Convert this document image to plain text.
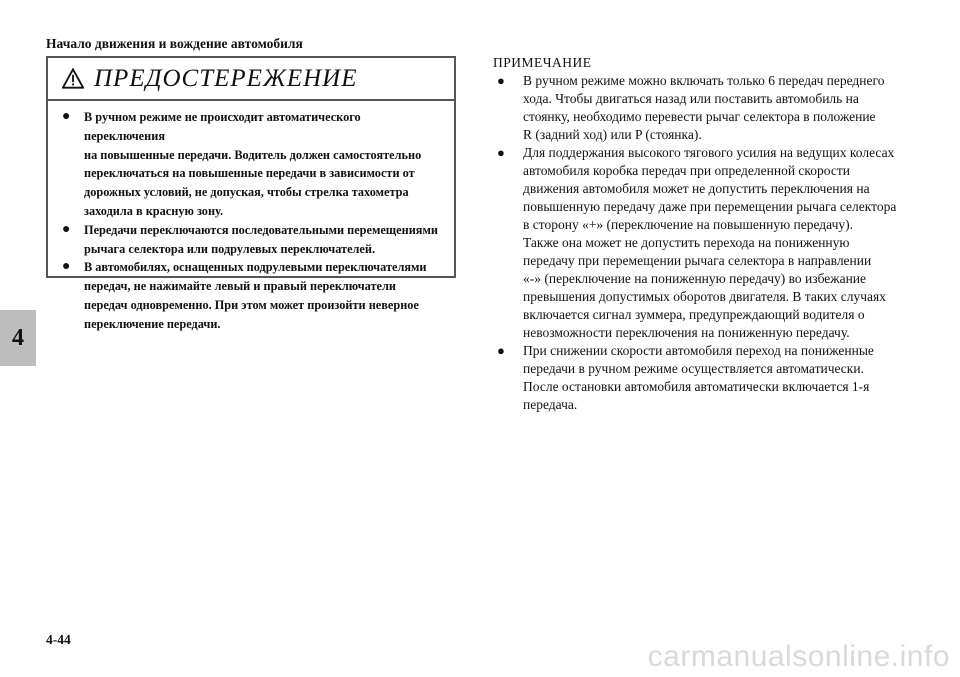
Начало движения и вождение автомобиля
4
ПРЕДОСТЕРЕЖЕНИЕ
●	В ручном режиме не происходит автоматического переключения
на повышенные передачи. Водитель должен самостоятельно
переключаться на повышенные передачи в зависимости от
дорожных условий, не допуская, чтобы стрелка тахометра
заходила в красную зону.
●	Передачи переключаются последовательными перемещениями
рычага селектора или подрулевых переключателей.
●	В автомобилях, оснащенных подрулевыми переключателями
передач, не нажимайте левый и правый переключатели
передач одновременно. При этом может произойти неверное
переключение передачи.
ПРИМЕЧАНИЕ
●	В ручном режиме можно включать только 6 передач переднего
хода. Чтобы двигаться назад или поставить автомобиль на
стоянку, необходимо перевести рычаг селектора в положение
R (задний ход) или P (стоянка).
●	Для поддержания высокого тягового усилия на ведущих колесах
автомобиля коробка передач при определенной скорости
движения автомобиля может не допустить переключения на
повышенную передачу даже при перемещении рычага селектора
в сторону «+» (переключение на повышенную передачу).
Также она может не допустить перехода на пониженную
передачу при перемещении рычага селектора в направлении
«-» (переключение на пониженную передачу) во избежание
превышения допустимых оборотов двигателя. В таких случаях
включается сигнал зуммера, предупреждающий водителя о
невозможности переключения на пониженную передачу.
●	При снижении скорости автомобиля переход на пониженные
передачи в ручном режиме осуществляется автоматически.
После остановки автомобиля автоматически включается 1-я
передача.
4-44
carmanualsonline.info
